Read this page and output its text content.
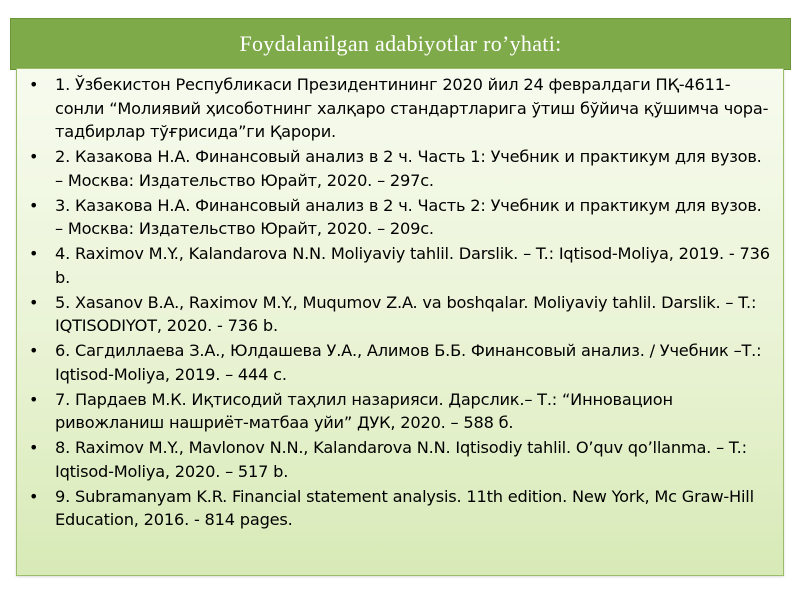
Foydalanilgan adabiyotlar ro’yhati:
• 1. Ўзбекистон Республикаси Президентининг 2020 йил 24 февралдаги ПҚ-4611-сонли “Молиявий ҳисоботнинг халқаро стандартларига ўтиш бўйича қўшимча чора-тадбирлар тўғрисида”ги Қарори.
• 2. Казакова Н.А. Финансовый анализ в 2 ч. Часть 1: Учебник и практикум для вузов. – Москва: Издательство Юрайт, 2020. – 297с.
• 3. Казакова Н.А. Финансовый анализ в 2 ч. Часть 2: Учебник и практикум для вузов. – Москва: Издательство Юрайт, 2020. – 209с.
• 4. Raximov M.Y., Kalandarova N.N. Moliyaviy tahlil. Darslik. – T.: Iqtisod-Moliya, 2019. - 736 b.
• 5. Xasanov B.A., Raximov M.Y., Muqumov Z.A. va boshqalar. Moliyaviy tahlil. Darslik. – T.: IQTISODIYOT, 2020. - 736 b.
• 6. Сагдиллаева З.А., Юлдашева У.А., Алимов Б.Б. Финансовый анализ. / Учебник –Т.: Iqtisod-Moliya, 2019. – 444 с.
• 7. Пардаев М.К. Иқтисодий таҳлил назарияси. Дарслик.– Т.: “Инновацион ривожланиш нашриёт-матбаа уйи” ДУК, 2020. – 588 б.
• 8. Raximov M.Y., Mavlonov N.N., Kalandarova N.N. Iqtisodiy tahlil. O’quv qo’llanma. – T.: Iqtisod-Moliya, 2020. – 517 b.
• 9. Subramanyam K.R. Financial statement analysis. 11th edition. New York, Mc Graw-Hill Education, 2016. - 814 pages.
